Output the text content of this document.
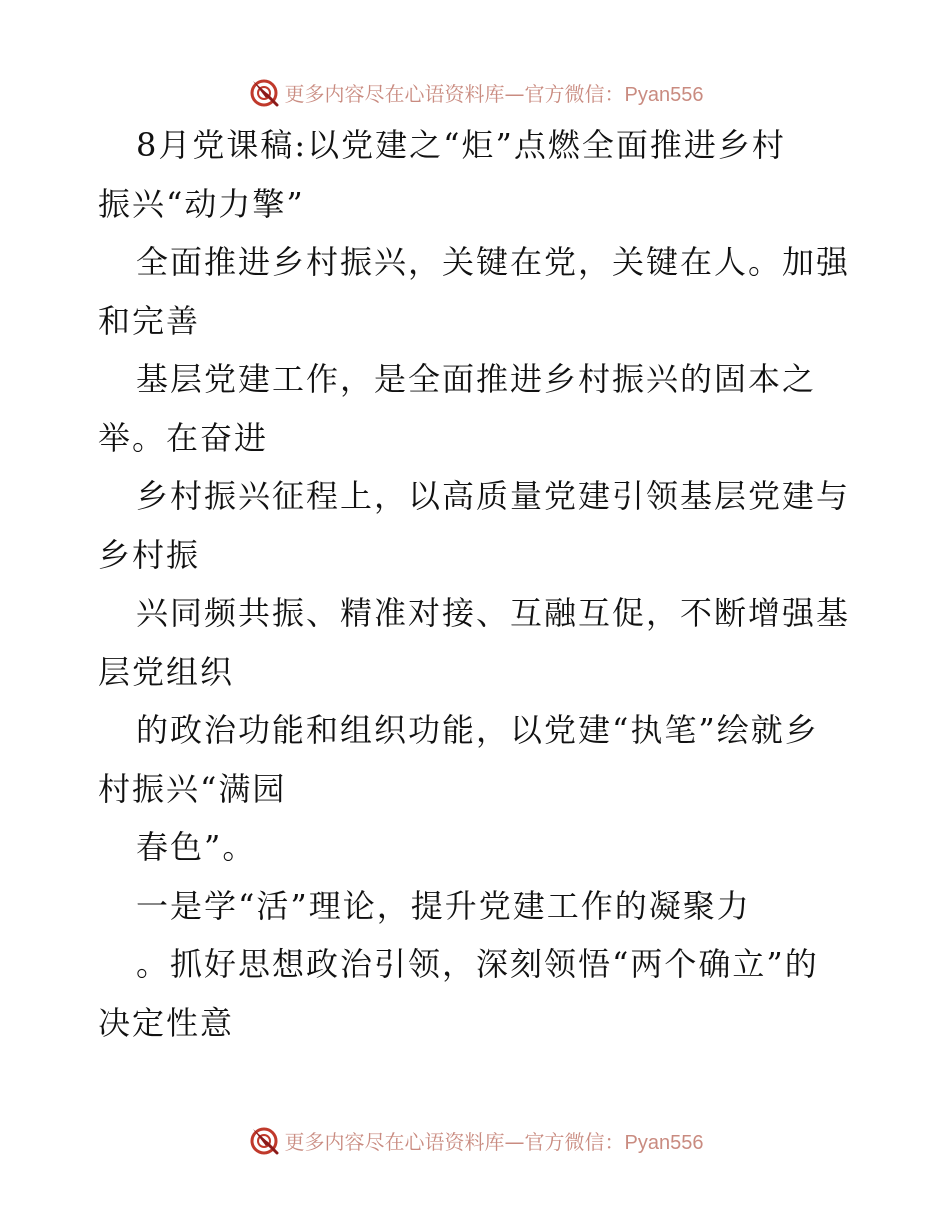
更多内容尽在心语资料库—官方微信：Pyan556
8月党课稿:以党建之“炬”点燃全面推进乡村
振兴“动力擎”
全面推进乡村振兴，关键在党，关键在人。加强
和完善
基层党建工作，是全面推进乡村振兴的固本之
举。在奋进
乡村振兴征程上，以高质量党建引领基层党建与
乡村振
兴同频共振、精准对接、互融互促，不断增强基
层党组织
的政治功能和组织功能，以党建“执笔”绘就乡
村振兴“满园
春色”。
一是学“活”理论，提升党建工作的凝聚力
。抓好思想政治引领，深刻领悟“两个确立”的
决定性意
更多内容尽在心语资料库—官方微信：Pyan556
